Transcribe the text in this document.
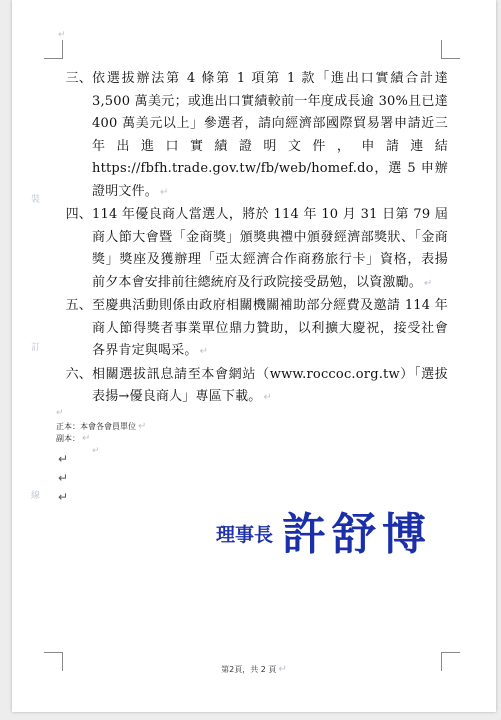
↵
裝
訂
線
三、 依選拔辦法第 4 條第 1 項第 1 款「進出口實績合計達 3,500 萬美元；或進出口實績較前一年度成長逾 30%且已達 400 萬美元以上」參選者，請向經濟部國際貿易署申請近三年出進口實績證明文件，申請連結 https://fbfh.trade.gov.tw/fb/web/homef.do，選 5 申辦證明文件。 ↵
四、 114 年優良商人當選人，將於 114 年 10 月 31 日第 79 屆商人節大會暨「金商獎」頒獎典禮中頒發經濟部獎狀、「金商獎」獎座及獲辦理「亞太經濟合作商務旅行卡」資格，表揚前夕本會安排前往總統府及行政院接受勗勉，以資激勵。 ↵
五、 至慶典活動則係由政府相關機關補助部分經費及邀請 114 年商人節得獎者事業單位鼎力贊助，以利擴大慶祝，接受社會各界肯定與喝采。 ↵
六、 相關選拔訊息請至本會網站（www.roccoc.org.tw）「選拔表揚→優良商人」專區下載。 ↵
↵
正本：本會各會員單位 ↵
副本： ↵
↵
↵
↵
↵
理事長 許舒博
第2頁，共 2 頁 ↵
